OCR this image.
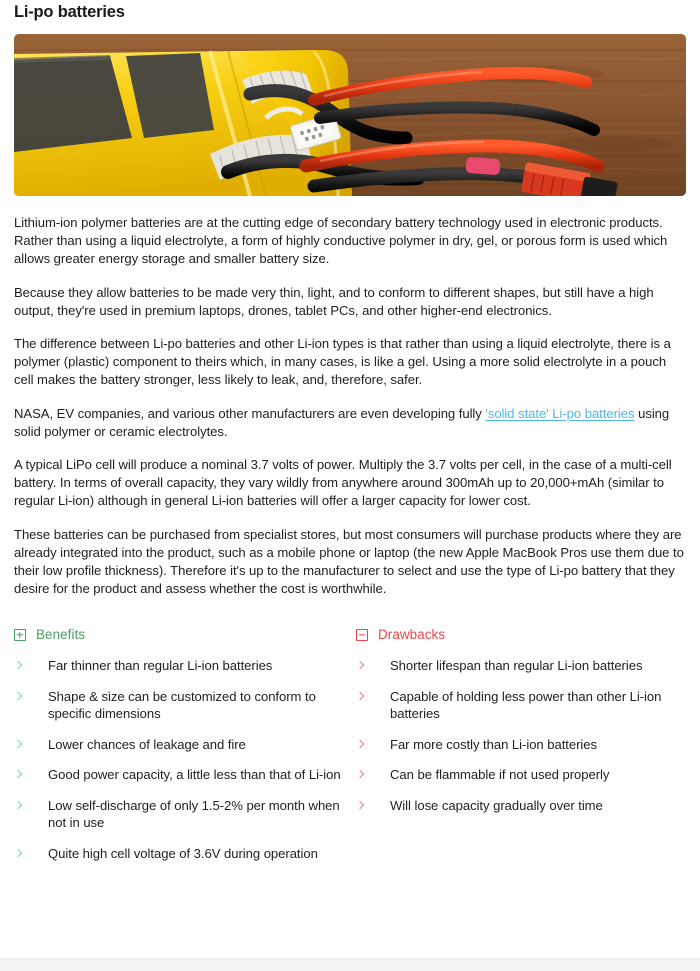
Li-po batteries

Lithium-ion polymer batteries are at the cutting edge of secondary battery technology used in electronic products. Rather than using a liquid electrolyte, a form of highly conductive polymer in dry, gel, or porous form is used which allows greater energy storage and smaller battery size.

Because they allow batteries to be made very thin, light, and to conform to different shapes, but still have a high output, they're used in premium laptops, drones, tablet PCs, and other higher-end electronics.

The difference between Li-po batteries and other Li-ion types is that rather than using a liquid electrolyte, there is a polymer (plastic) component to theirs which, in many cases, is like a gel. Using a more solid electrolyte in a pouch cell makes the battery stronger, less likely to leak, and, therefore, safer.

NASA, EV companies, and various other manufacturers are even developing fully 'solid state' Li-po batteries using solid polymer or ceramic electrolytes.

A typical LiPo cell will produce a nominal 3.7 volts of power. Multiply the 3.7 volts per cell, in the case of a multi-cell battery. In terms of overall capacity, they vary wildly from anywhere around 300mAh up to 20,000+mAh (similar to regular Li-ion) although in general Li-ion batteries will offer a larger capacity for lower cost.

These batteries can be purchased from specialist stores, but most consumers will purchase products where they are already integrated into the product, such as a mobile phone or laptop (the new Apple MacBook Pros use them due to their low profile thickness). Therefore it's up to the manufacturer to select and use the type of Li-po battery that they desire for the product and assess whether the cost is worthwhile.

Benefits
Far thinner than regular Li-ion batteries
Shape & size can be customized to conform to specific dimensions
Lower chances of leakage and fire
Good power capacity, a little less than that of Li-ion
Low self-discharge of only 1.5-2% per month when not in use
Quite high cell voltage of 3.6V during operation
Drawbacks
Shorter lifespan than regular Li-ion batteries
Capable of holding less power than other Li-ion batteries
Far more costly than Li-ion batteries
Can be flammable if not used properly
Will lose capacity gradually over time
